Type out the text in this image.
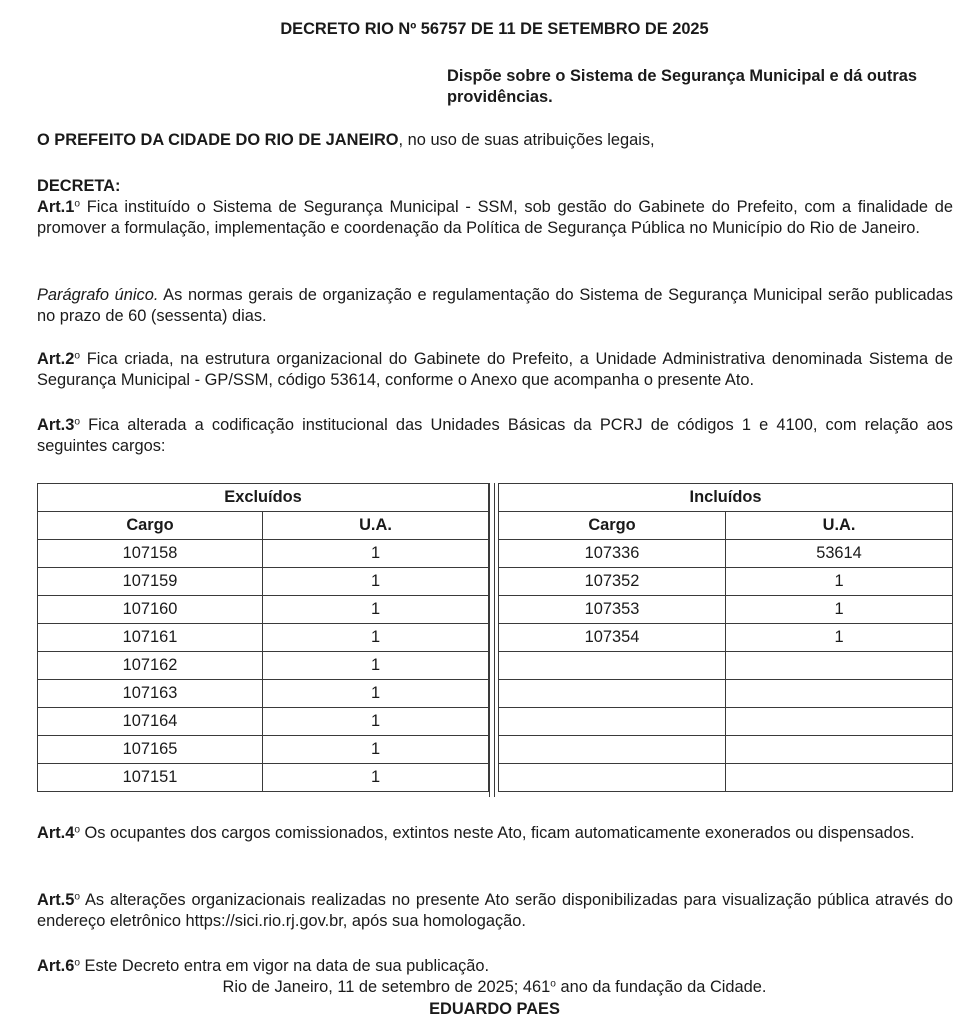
DECRETO RIO Nº 56757 DE 11 DE SETEMBRO DE 2025
Dispõe sobre o Sistema de Segurança Municipal e dá outras providências.
O PREFEITO DA CIDADE DO RIO DE JANEIRO, no uso de suas atribuições legais,
DECRETA:
Art.1$^o$ Fica instituído o Sistema de Segurança Municipal - SSM, sob gestão do Gabinete do Prefeito, com a finalidade de promover a formulação, implementação e coordenação da Política de Segurança Pública no Município do Rio de Janeiro.
Parágrafo único. As normas gerais de organização e regulamentação do Sistema de Segurança Municipal serão publicadas no prazo de 60 (sessenta) dias.
Art.2$^o$ Fica criada, na estrutura organizacional do Gabinete do Prefeito, a Unidade Administrativa denominada Sistema de Segurança Municipal - GP/SSM, código 53614, conforme o Anexo que acompanha o presente Ato.
Art.3$^o$ Fica alterada a codificação institucional das Unidades Básicas da PCRJ de códigos 1 e 4100, com relação aos seguintes cargos:
Excluídos	
Cargo	U.A.
107158	1
107159	1
107160	1
107161	1
107162	1
107163	1
107164	1
107165	1
107151	1
Incluídos	
Cargo	U.A.
107336	53614
107352	1
107353	1
107354	1

Art.4$^o$ Os ocupantes dos cargos comissionados, extintos neste Ato, ficam automaticamente exonerados ou dispensados.
Art.5$^o$ As alterações organizacionais realizadas no presente Ato serão disponibilizadas para visualização pública através do endereço eletrônico https://sici.rio.rj.gov.br, após sua homologação.
Art.6$^o$ Este Decreto entra em vigor na data de sua publicação.
Rio de Janeiro, 11 de setembro de 2025; 461$^o$ ano da fundação da Cidade.
EDUARDO PAES
